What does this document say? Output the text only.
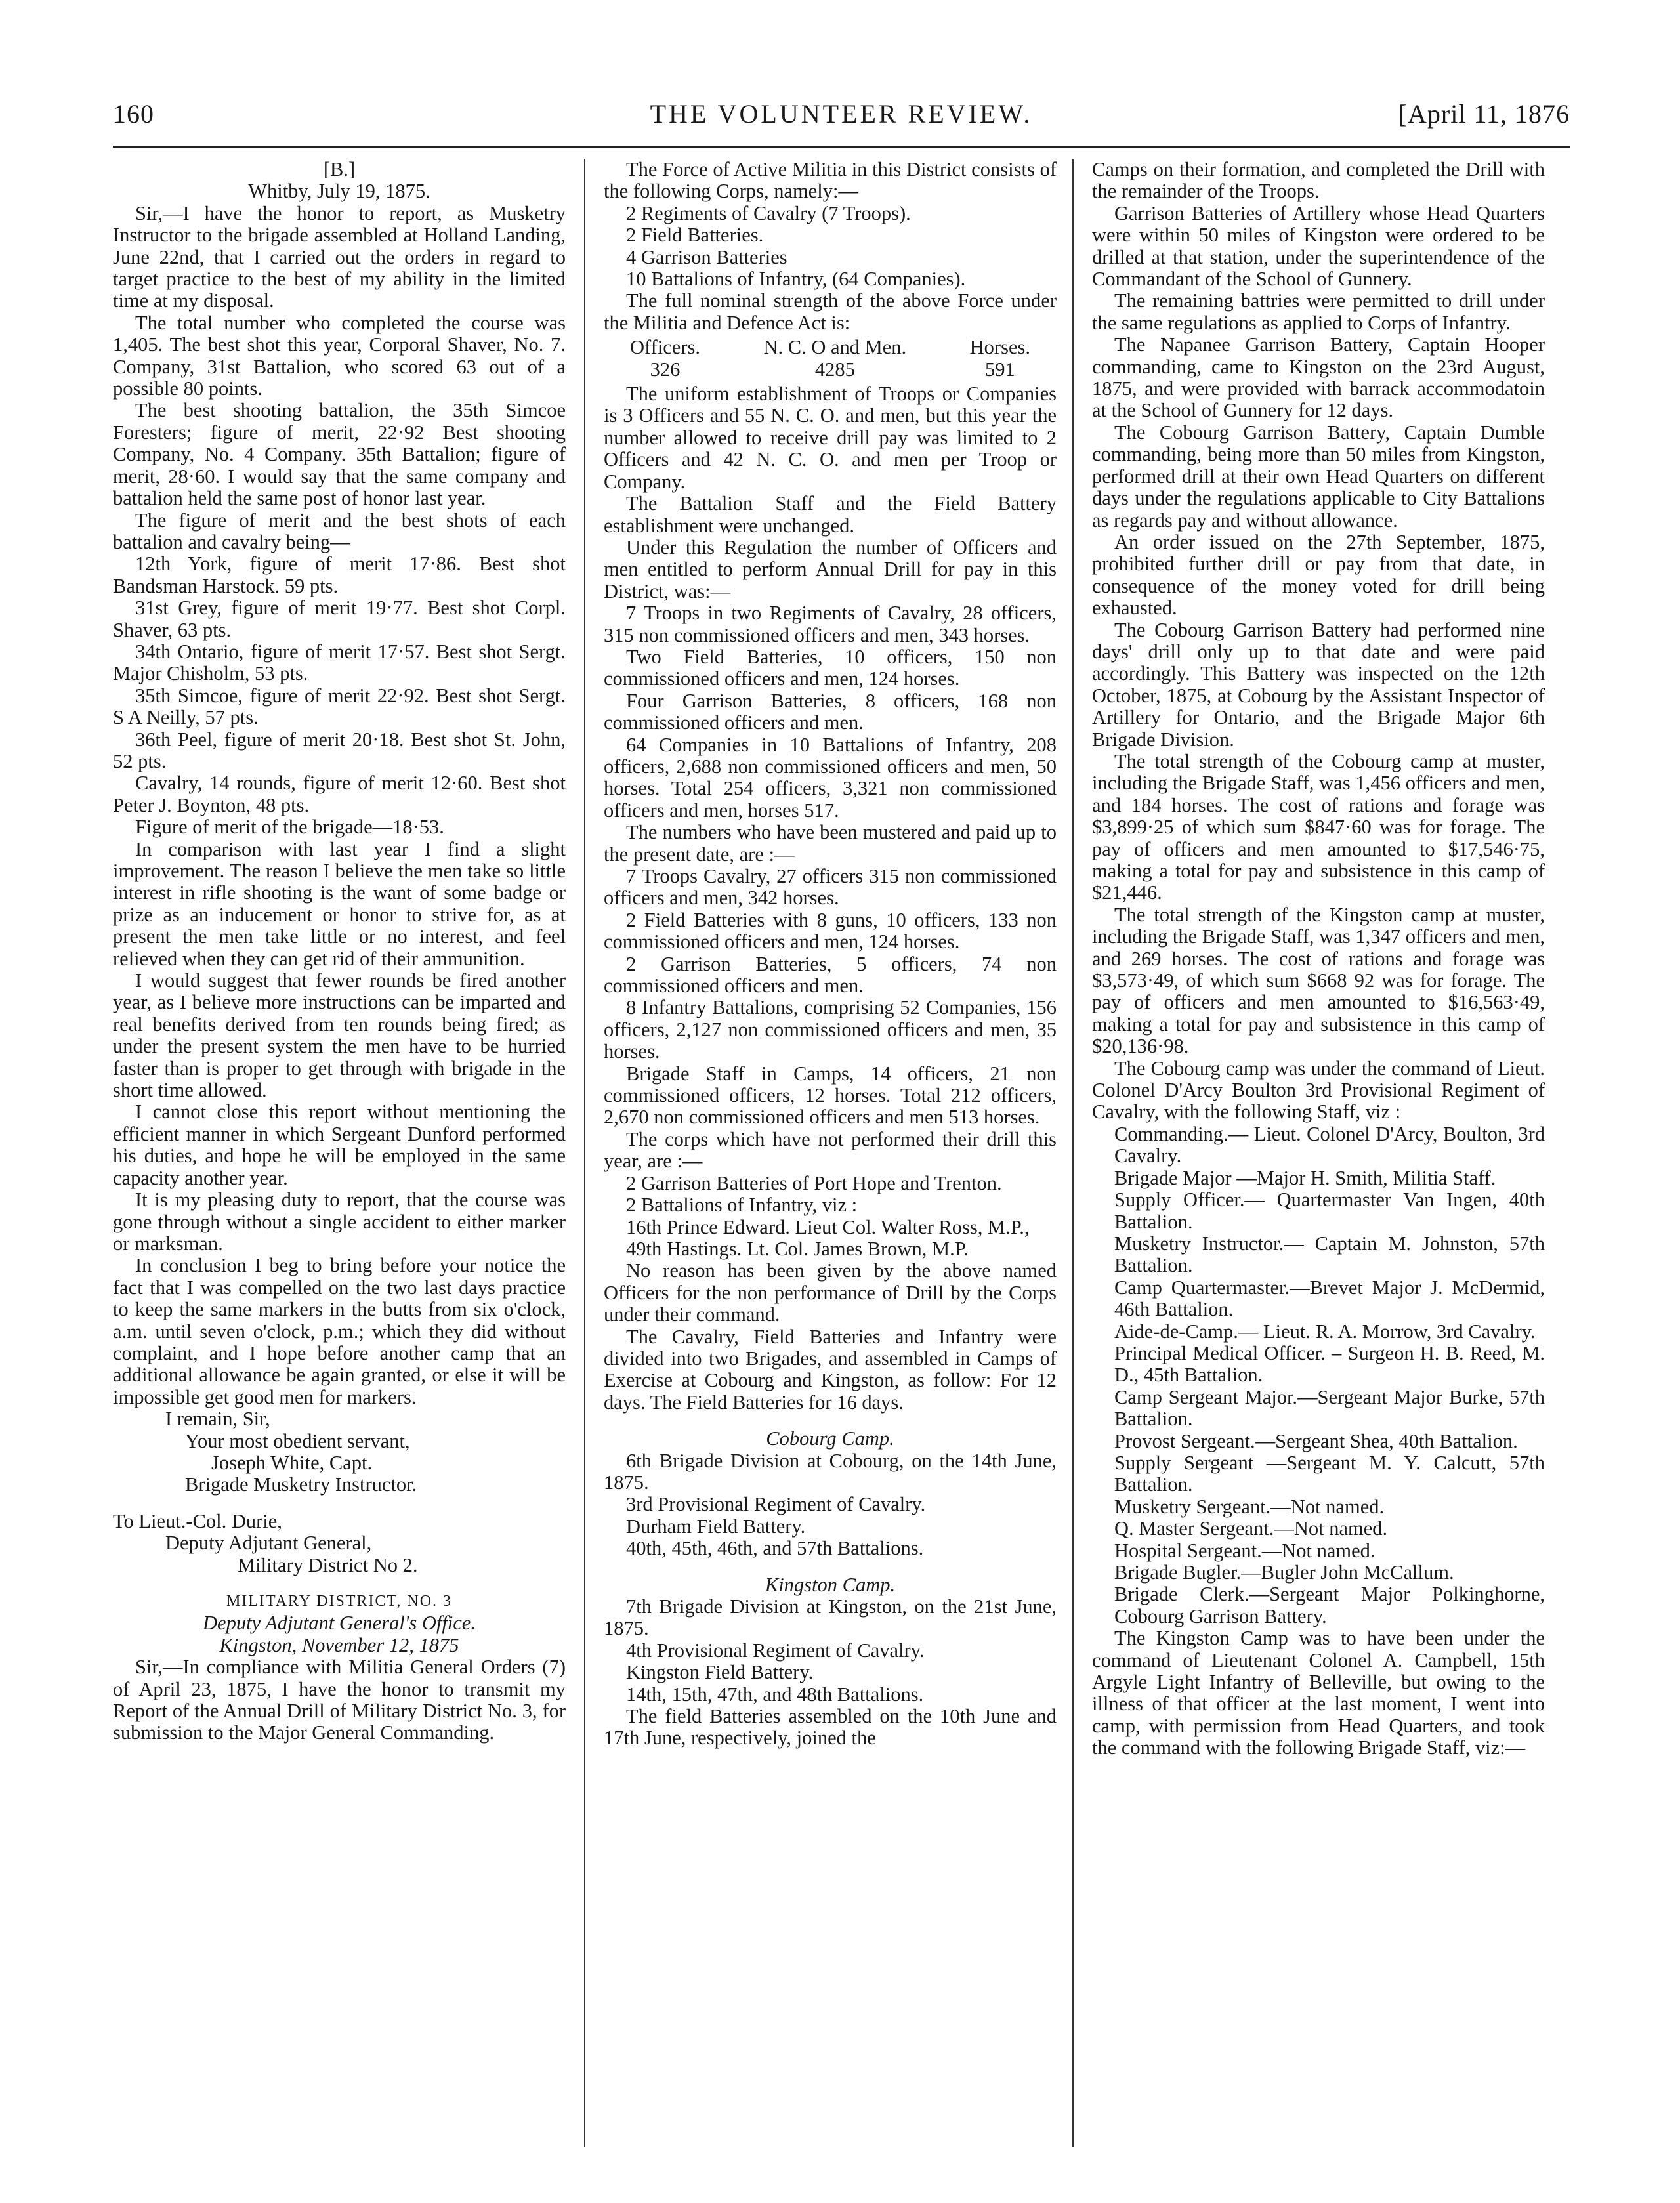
160	THE VOLUNTEER REVIEW.	[April 11, 1876

[B.]

Whitby, July 19, 1875.

Sir,—I have the honor to report, as Musketry Instructor to the brigade assembled at Holland Landing, June 22nd, that I carried out the orders in regard to target practice to the best of my ability in the limited time at my disposal.

The total number who completed the course was 1,405. The best shot this year, Corporal Shaver, No. 7. Company, 31st Battalion, who scored 63 out of a possible 80 points.

The best shooting battalion, the 35th Simcoe Foresters; figure of merit, 22·92 Best shooting Company, No. 4 Company. 35th Battalion; figure of merit, 28·60. I would say that the same company and battalion held the same post of honor last year.

The figure of merit and the best shots of each battalion and cavalry being—

12th York, figure of merit 17·86. Best shot Bandsman Harstock. 59 pts.

31st Grey, figure of merit 19·77. Best shot Corpl. Shaver, 63 pts.

34th Ontario, figure of merit 17·57. Best shot Sergt. Major Chisholm, 53 pts.

35th Simcoe, figure of merit 22·92. Best shot Sergt. S A Neilly, 57 pts.

36th Peel, figure of merit 20·18. Best shot St. John, 52 pts.

Cavalry, 14 rounds, figure of merit 12·60. Best shot Peter J. Boynton, 48 pts.

Figure of merit of the brigade—18·53.

In comparison with last year I find a slight improvement. The reason I believe the men take so little interest in rifle shooting is the want of some badge or prize as an inducement or honor to strive for, as at present the men take little or no interest, and feel relieved when they can get rid of their ammunition.

I would suggest that fewer rounds be fired another year, as I believe more instructions can be imparted and real benefits derived from ten rounds being fired; as under the present system the men have to be hurried faster than is proper to get through with brigade in the short time allowed.

I cannot close this report without mentioning the efficient manner in which Sergeant Dunford performed his duties, and hope he will be employed in the same capacity another year.

It is my pleasing duty to report, that the course was gone through without a single accident to either marker or marksman.

In conclusion I beg to bring before your notice the fact that I was compelled on the two last days practice to keep the same markers in the butts from six o'clock, a.m. until seven o'clock, p.m.; which they did without complaint, and I hope before another camp that an additional allowance be again granted, or else it will be impossible get good men for markers.

I remain, Sir,

Your most obedient servant,

Joseph White, Capt.

Brigade Musketry Instructor.

To Lieut.-Col. Durie,

Deputy Adjutant General,

Military District No 2.

MILITARY DISTRICT, NO. 3

Deputy Adjutant General's Office.

Kingston, November 12, 1875

Sir,—In compliance with Militia General Orders (7) of April 23, 1875, I have the honor to transmit my Report of the Annual Drill of Military District No. 3, for submission to the Major General Commanding.

The Force of Active Militia in this District consists of the following Corps, namely:—

2 Regiments of Cavalry (7 Troops).

2 Field Batteries.

4 Garrison Batteries

10 Battalions of Infantry, (64 Companies).

The full nominal strength of the above Force under the Militia and Defence Act is:

Officers.
326
N. C. O and Men.
4285
Horses.
591

The uniform establishment of Troops or Companies is 3 Officers and 55 N. C. O. and men, but this year the number allowed to receive drill pay was limited to 2 Officers and 42 N. C. O. and men per Troop or Company.

The Battalion Staff and the Field Battery establishment were unchanged.

Under this Regulation the number of Officers and men entitled to perform Annual Drill for pay in this District, was:—

7 Troops in two Regiments of Cavalry, 28 officers, 315 non commissioned officers and men, 343 horses.

Two Field Batteries, 10 officers, 150 non commissioned officers and men, 124 horses.

Four Garrison Batteries, 8 officers, 168 non commissioned officers and men.

64 Companies in 10 Battalions of Infantry, 208 officers, 2,688 non commissioned officers and men, 50 horses. Total 254 officers, 3,321 non commissioned officers and men, horses 517.

The numbers who have been mustered and paid up to the present date, are :—

7 Troops Cavalry, 27 officers 315 non commissioned officers and men, 342 horses.

2 Field Batteries with 8 guns, 10 officers, 133 non commissioned officers and men, 124 horses.

2 Garrison Batteries, 5 officers, 74 non commissioned officers and men.

8 Infantry Battalions, comprising 52 Companies, 156 officers, 2,127 non commissioned officers and men, 35 horses.

Brigade Staff in Camps, 14 officers, 21 non commissioned officers, 12 horses. Total 212 officers, 2,670 non commissioned officers and men 513 horses.

The corps which have not performed their drill this year, are :—

2 Garrison Batteries of Port Hope and Trenton.

2 Battalions of Infantry, viz :

16th Prince Edward. Lieut Col. Walter Ross, M.P.,

49th Hastings. Lt. Col. James Brown, M.P.

No reason has been given by the above named Officers for the non performance of Drill by the Corps under their command.

The Cavalry, Field Batteries and Infantry were divided into two Brigades, and assembled in Camps of Exercise at Cobourg and Kingston, as follow: For 12 days. The Field Batteries for 16 days.

Cobourg Camp.

6th Brigade Division at Cobourg, on the 14th June, 1875.

3rd Provisional Regiment of Cavalry.

Durham Field Battery.

40th, 45th, 46th, and 57th Battalions.

Kingston Camp.

7th Brigade Division at Kingston, on the 21st June, 1875.

4th Provisional Regiment of Cavalry.

Kingston Field Battery.

14th, 15th, 47th, and 48th Battalions.

The field Batteries assembled on the 10th June and 17th June, respectively, joined the

Camps on their formation, and completed the Drill with the remainder of the Troops.

Garrison Batteries of Artillery whose Head Quarters were within 50 miles of Kingston were ordered to be drilled at that station, under the superintendence of the Commandant of the School of Gunnery.

The remaining battries were permitted to drill under the same regulations as applied to Corps of Infantry.

The Napanee Garrison Battery, Captain Hooper commanding, came to Kingston on the 23rd August, 1875, and were provided with barrack accommodatoin at the School of Gunnery for 12 days.

The Cobourg Garrison Battery, Captain Dumble commanding, being more than 50 miles from Kingston, performed drill at their own Head Quarters on different days under the regulations applicable to City Battalions as regards pay and without allowance.

An order issued on the 27th September, 1875, prohibited further drill or pay from that date, in consequence of the money voted for drill being exhausted.

The Cobourg Garrison Battery had performed nine days' drill only up to that date and were paid accordingly. This Battery was inspected on the 12th October, 1875, at Cobourg by the Assistant Inspector of Artillery for Ontario, and the Brigade Major 6th Brigade Division.

The total strength of the Cobourg camp at muster, including the Brigade Staff, was 1,456 officers and men, and 184 horses. The cost of rations and forage was $3,899·25 of which sum $847·60 was for forage. The pay of officers and men amounted to $17,546·75, making a total for pay and subsistence in this camp of $21,446.

The total strength of the Kingston camp at muster, including the Brigade Staff, was 1,347 officers and men, and 269 horses. The cost of rations and forage was $3,573·49, of which sum $668 92 was for forage. The pay of officers and men amounted to $16,563·49, making a total for pay and subsistence in this camp of $20,136·98.

The Cobourg camp was under the command of Lieut. Colonel D'Arcy Boulton 3rd Provisional Regiment of Cavalry, with the following Staff, viz :

Commanding.— Lieut. Colonel D'Arcy, Boulton, 3rd Cavalry.

Brigade Major —Major H. Smith, Militia Staff.

Supply Officer.— Quartermaster Van Ingen, 40th Battalion.

Musketry Instructor.— Captain M. Johnston, 57th Battalion.

Camp Quartermaster.—Brevet Major J. McDermid, 46th Battalion.

Aide-de-Camp.— Lieut. R. A. Morrow, 3rd Cavalry.

Principal Medical Officer. – Surgeon H. B. Reed, M. D., 45th Battalion.

Camp Sergeant Major.—Sergeant Major Burke, 57th Battalion.

Provost Sergeant.—Sergeant Shea, 40th Battalion.

Supply Sergeant —Sergeant M. Y. Calcutt, 57th Battalion.

Musketry Sergeant.—Not named.

Q. Master Sergeant.—Not named.

Hospital Sergeant.—Not named.

Brigade Bugler.—Bugler John McCallum.

Brigade Clerk.—Sergeant Major Polkinghorne, Cobourg Garrison Battery.

The Kingston Camp was to have been under the command of Lieutenant Colonel A. Campbell, 15th Argyle Light Infantry of Belleville, but owing to the illness of that officer at the last moment, I went into camp, with permission from Head Quarters, and took the command with the following Brigade Staff, viz:—
